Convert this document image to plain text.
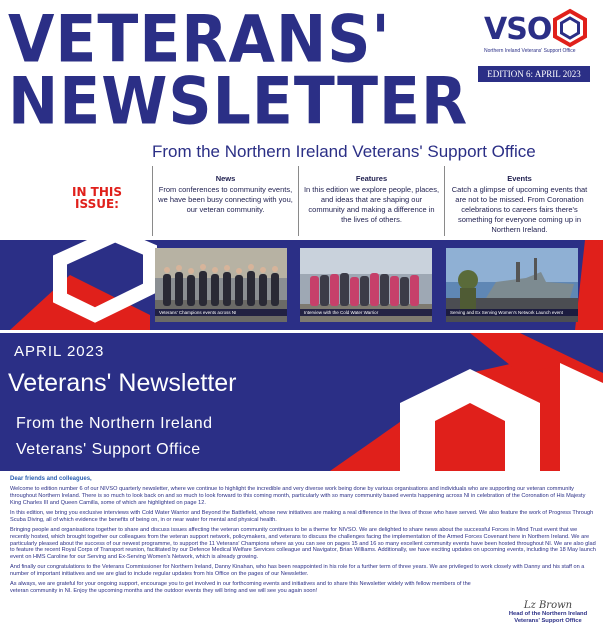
VETERANS'
NEWSLETTER
From the Northern Ireland Veterans' Support Office
VSO
Northern Ireland Veterans' Support Office
EDITION 6: APRIL 2023
IN THIS
ISSUE:
News
From conferences to community events, we have been busy connecting with you, our veteran community.
Features
In this edition we explore people, places, and ideas that are shaping our community and making a difference in the lives of others.
Events
Catch a glimpse of upcoming events that are not to be missed. From Coronation celebrations to careers fairs there's something for everyone coming up in Northern Ireland.
Veterans' Champions events across NI	Interview with the Cold Water Warrior	Serving and Ex Serving Women's Network Launch event
APRIL 2023
Veterans' Newsletter
From the Northern Ireland
Veterans' Support Office

Dear friends and colleagues,

Welcome to edition number 6 of our NIVSO quarterly newsletter, where we continue to highlight the incredible and very diverse work being done by various organisations and individuals who are supporting our veteran community throughout Northern Ireland. There is so much to look back on and so much to look forward to this coming month, particularly with so many community based events happening across NI in celebration of the Coronation of His Majesty King Charles III and Queen Camilla, some of which are highlighted on page 12.

In this edition, we bring you exclusive interviews with Cold Water Warrior and Beyond the Battlefield, whose new initiatives are making a real difference in the lives of those who have served. We also feature the work of Progress Through Scuba Diving, all of which evidence the benefits of being on, in or near water for mental and physical health.

Bringing people and organisations together to share and discuss issues affecting the veteran community continues to be a theme for NIVSO. We are delighted to share news about the successful Forces in Mind Trust event that we recently hosted, which brought together our colleagues from the veteran support network, policymakers, and veterans to discuss the challenges facing the implementation of the Armed Forces Covenant here in Northern Ireland. We are particularly pleased about the success of our newest programme, to support the 11 Veterans' Champions where as you can see on pages 15 and 16 so many excellent community events have been hosted throughout NI. We are also glad to feature the recent Royal Corps of Transport reunion, facilitated by our Defence Medical Welfare Services colleague and Navigator, Brian Williams. Additionally, we have exciting updates on upcoming events, including the 18 May launch event on HMS Caroline for our Serving and Ex-Serving Women's Network, which is already growing.

And finally our congratulations to the Veterans Commissioner for Northern Ireland, Danny Kinahan, who has been reappointed in his role for a further term of three years. We are privileged to work closely with Danny and his staff on a number of important initiatives and we are glad to include regular updates from his Office on the pages of our Newsletter.

As always, we are grateful for your ongoing support, encourage you to get involved in our forthcoming events and initiatives and to share this Newsletter widely with fellow members of the veteran community in NI. Enjoy the upcoming months and the outdoor events they will bring and we will see you again soon!

Lz Brown
Head of the Northern Ireland
Veterans' Support Office
